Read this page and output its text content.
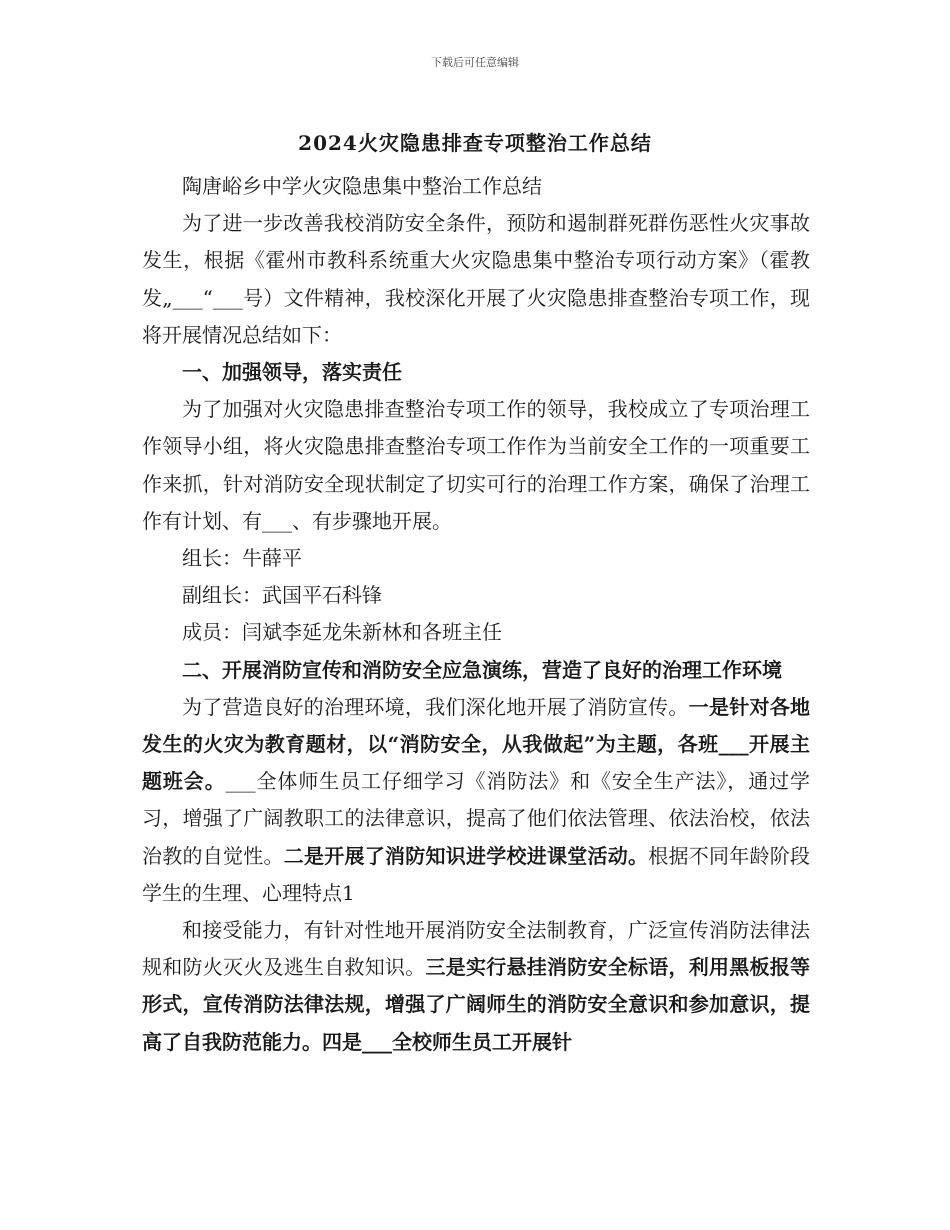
下载后可任意编辑
2024火灾隐患排查专项整治工作总结

陶唐峪乡中学火灾隐患集中整治工作总结

为了进一步改善我校消防安全条件，预防和遏制群死群伤恶性火灾事故发生，根据《霍州市教科系统重大火灾隐患集中整治专项行动方案》（霍教发„___“___号）文件精神，我校深化开展了火灾隐患排查整治专项工作，现将开展情况总结如下：

一、加强领导，落实责任

为了加强对火灾隐患排查整治专项工作的领导，我校成立了专项治理工作领导小组，将火灾隐患排查整治专项工作作为当前安全工作的一项重要工作来抓，针对消防安全现状制定了切实可行的治理工作方案，确保了治理工作有计划、有___、有步骤地开展。

组长：牛薛平

副组长：武国平石科锋

成员：闫斌李延龙朱新林和各班主任

二、开展消防宣传和消防安全应急演练，营造了良好的治理工作环境

为了营造良好的治理环境，我们深化地开展了消防宣传。一是针对各地发生的火灾为教育题材，以“消防安全，从我做起”为主题，各班___开展主题班会。___全体师生员工仔细学习《消防法》和《安全生产法》，通过学习，增强了广阔教职工的法律意识，提高了他们依法管理、依法治校，依法治教的自觉性。二是开展了消防知识进学校进课堂活动。根据不同年龄阶段学生的生理、心理特点1

和接受能力，有针对性地开展消防安全法制教育，广泛宣传消防法律法规和防火灭火及逃生自救知识。三是实行悬挂消防安全标语，利用黑板报等形式，宣传消防法律法规，增强了广阔师生的消防安全意识和参加意识，提高了自我防范能力。四是___全校师生员工开展针
